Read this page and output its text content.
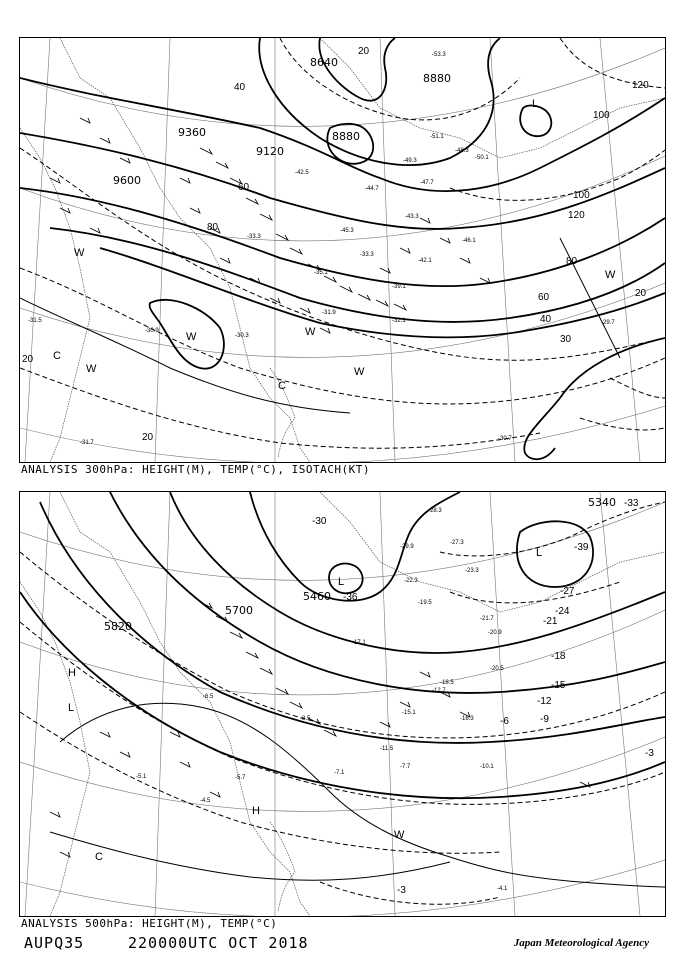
8640
8880
8880
9120
9360
9600
20
40
60
80
100
120
120
100
80
60
40
30
20
20
20
-53.3
-51.1
-50.1
-48.3
-49.3
-44.7
-47.7
-43.3
-46.1
-42.1
-39.1
-35.1
-33.3
-31.9
-30.9
-32.1
-30.3
-31.7
-30.7
-31.5	-29.7
-33.3
-42.5
-45.3
L
C
C
W
W
W	W
W
W
ANALYSIS 300hPa: HEIGHT(M), TEMP(°C), ISOTACH(KT)
5340
5460
5700
5820
-33
-36
-30
-27
-24
-21
-18
-15
-12
-9
-6
-3
-3
-39
-27.3
-28.3
-29.9
-23.3
-22.3
-21.7
-20.9
-20.5
-19.5
-18.5
-17.1
-16.3
-15.1
-12.7
-11.5
-10.1
-8.5
-7.7
-7.1
-6.5
-5.7
-5.1
-4.5
-4.1
L
L
L
H
H
C
W
ANALYSIS 500hPa: HEIGHT(M), TEMP(°C)
AUPQ35	220000UTC OCT 2018	Japan Meteorological Agency
